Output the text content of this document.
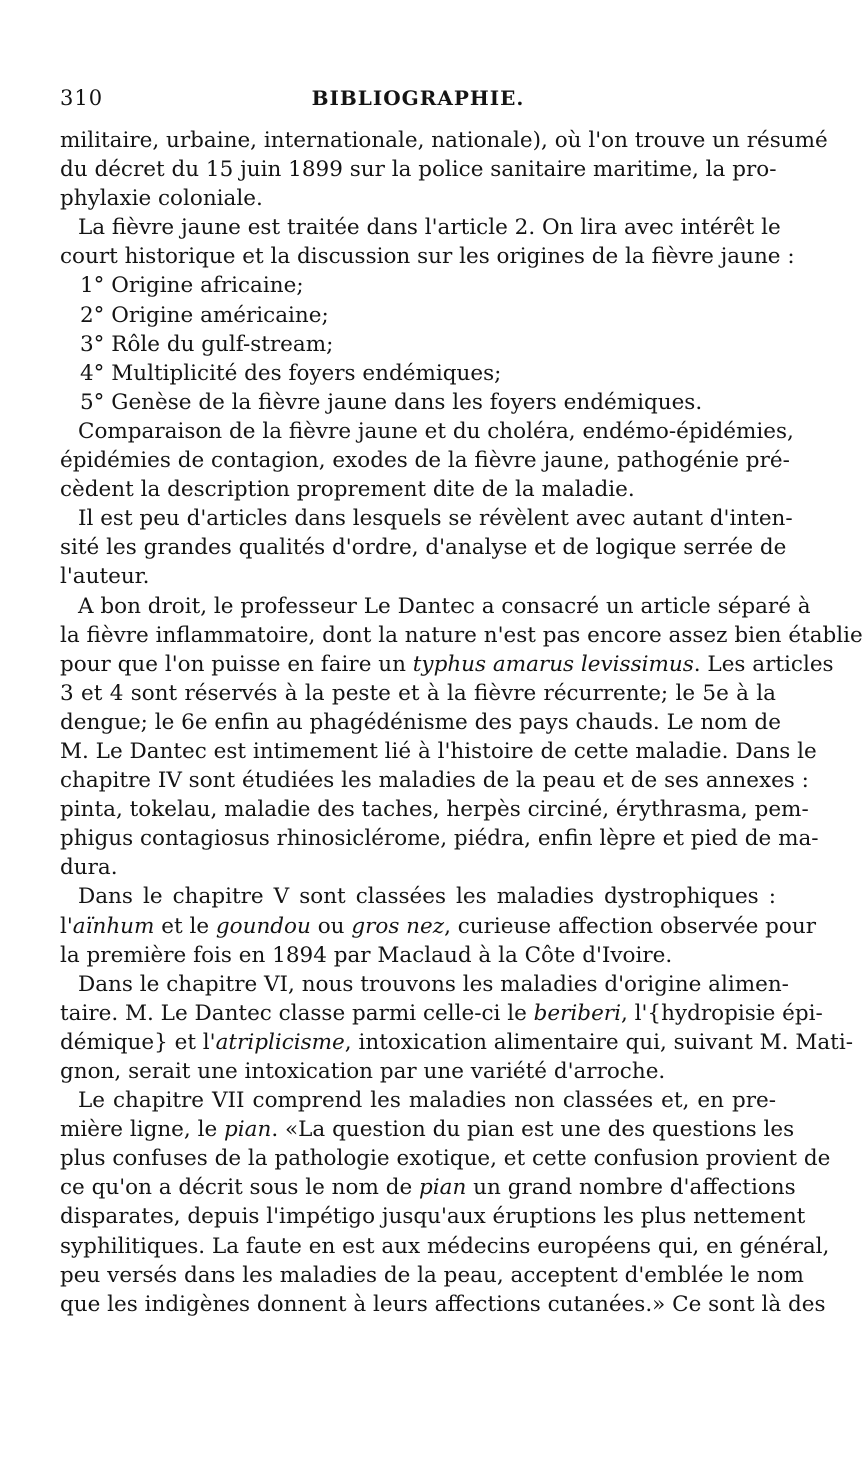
310	BIBLIOGRAPHIE.
militaire, urbaine, internationale, nationale), où l'on trouve un résumé
du décret du 15 juin 1899 sur la police sanitaire maritime, la pro-
phylaxie coloniale.
La fièvre jaune est traitée dans l'article 2. On lira avec intérêt le
court historique et la discussion sur les origines de la fièvre jaune :
1° Origine africaine;
2° Origine américaine;
3° Rôle du gulf-stream;
4° Multiplicité des foyers endémiques;
5° Genèse de la fièvre jaune dans les foyers endémiques.
Comparaison de la fièvre jaune et du choléra, endémo-épidémies,
épidémies de contagion, exodes de la fièvre jaune, pathogénie pré-
cèdent la description proprement dite de la maladie.
Il est peu d'articles dans lesquels se révèlent avec autant d'inten-
sité les grandes qualités d'ordre, d'analyse et de logique serrée de
l'auteur.
A bon droit, le professeur Le Dantec a consacré un article séparé à
la fièvre inflammatoire, dont la nature n'est pas encore assez bien établie
pour que l'on puisse en faire un typhus amarus levissimus. Les articles
3 et 4 sont réservés à la peste et à la fièvre récurrente; le 5e à la
dengue; le 6e enfin au phagédénisme des pays chauds. Le nom de
M. Le Dantec est intimement lié à l'histoire de cette maladie. Dans le
chapitre IV sont étudiées les maladies de la peau et de ses annexes :
pinta, tokelau, maladie des taches, herpès circiné, érythrasma, pem-
phigus contagiosus rhinosiclérome, piédra, enfin lèpre et pied de ma-
dura.
Dans le chapitre V sont classées les maladies dystrophiques :
l'aïnhum et le goundou ou gros nez, curieuse affection observée pour
la première fois en 1894 par Maclaud à la Côte d'Ivoire.
Dans le chapitre VI, nous trouvons les maladies d'origine alimen-
taire. M. Le Dantec classe parmi celle-ci le beriberi, l'{hydropisie épi-
démique} et l'atriplicisme, intoxication alimentaire qui, suivant M. Mati-
gnon, serait une intoxication par une variété d'arroche.
Le chapitre VII comprend les maladies non classées et, en pre-
mière ligne, le pian. «La question du pian est une des questions les
plus confuses de la pathologie exotique, et cette confusion provient de
ce qu'on a décrit sous le nom de pian un grand nombre d'affections
disparates, depuis l'impétigo jusqu'aux éruptions les plus nettement
syphilitiques. La faute en est aux médecins européens qui, en général,
peu versés dans les maladies de la peau, acceptent d'emblée le nom
que les indigènes donnent à leurs affections cutanées.» Ce sont là des
